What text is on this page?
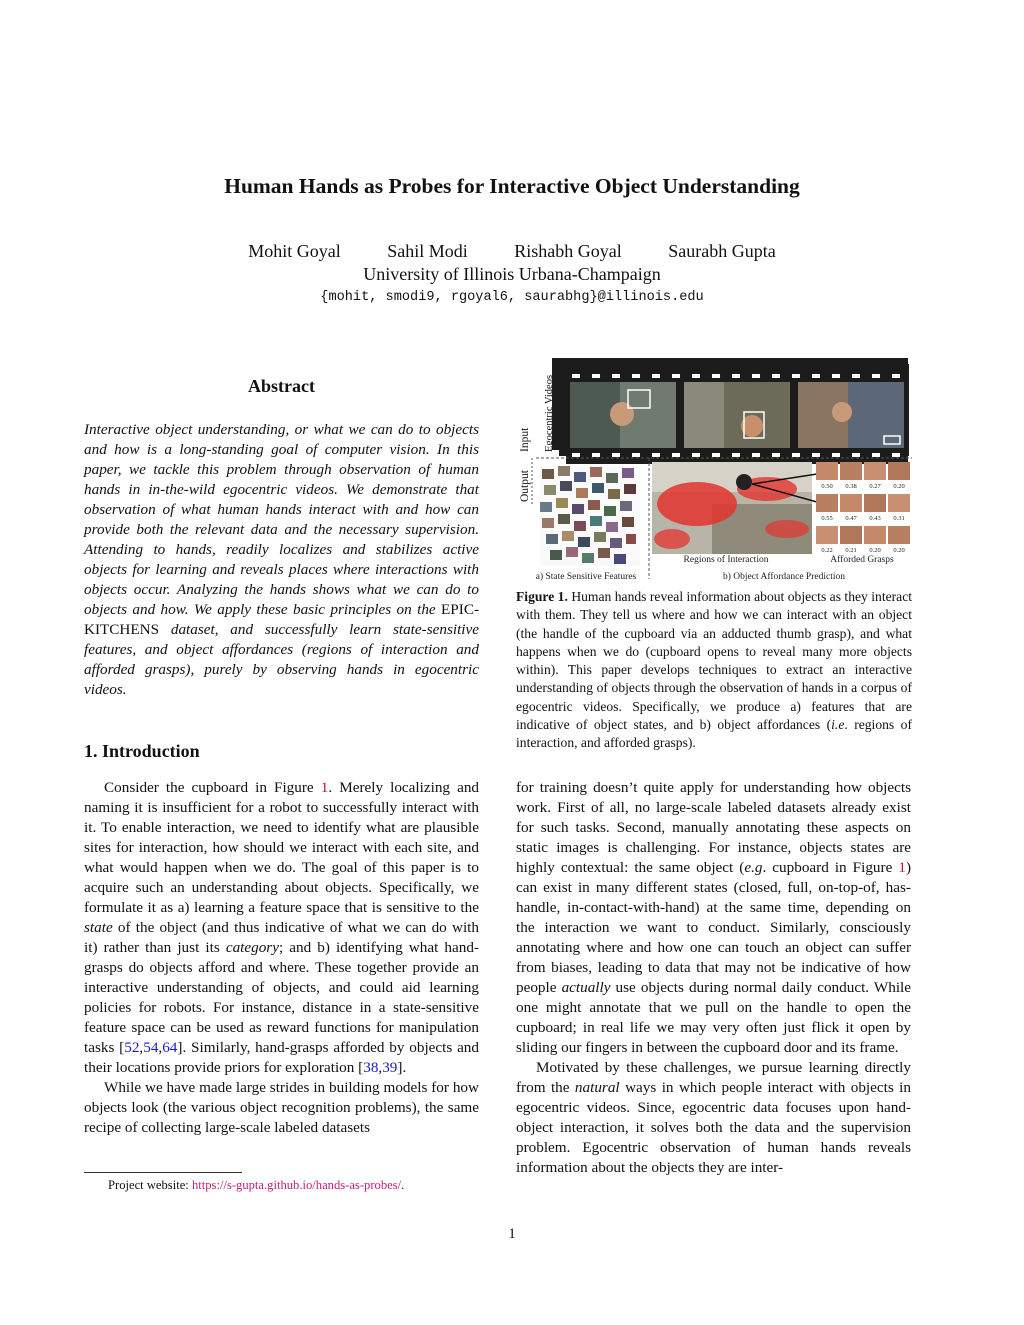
Human Hands as Probes for Interactive Object Understanding
Mohit Goyal	Sahil Modi	Rishabh Goyal	Saurabh Gupta
University of Illinois Urbana-Champaign
{mohit, smodi9, rgoyal6, saurabhg}@illinois.edu
Abstract

Interactive object understanding, or what we can do to objects and how is a long-standing goal of computer vision. In this paper, we tackle this problem through observation of human hands in in-the-wild egocentric videos. We demonstrate that observation of what human hands interact with and how can provide both the relevant data and the necessary supervision. Attending to hands, readily localizes and stabilizes active objects for learning and reveals places where interactions with objects occur. Analyzing the hands shows what we can do to objects and how. We apply these basic principles on the EPIC-KITCHENS dataset, and successfully learn state-sensitive features, and object affordances (regions of interaction and afforded grasps), purely by observing hands in egocentric videos.

1. Introduction

Consider the cupboard in Figure 1. Merely localizing and naming it is insufficient for a robot to successfully interact with it. To enable interaction, we need to identify what are plausible sites for interaction, how should we interact with each site, and what would happen when we do. The goal of this paper is to acquire such an understanding about objects. Specifically, we formulate it as a) learning a feature space that is sensitive to the state of the object (and thus indicative of what we can do with it) rather than just its category; and b) identifying what hand-grasps do objects afford and where. These together provide an interactive understanding of objects, and could aid learning policies for robots. For instance, distance in a state-sensitive feature space can be used as reward functions for manipulation tasks [52,54,64]. Similarly, hand-grasps afforded by objects and their locations provide priors for exploration [38,39].

While we have made large strides in building models for how objects look (the various object recognition problems), the same recipe of collecting large-scale labeled datasets

for training doesn’t quite apply for understanding how objects work. First of all, no large-scale labeled datasets already exist for such tasks. Second, manually annotating these aspects on static images is challenging. For instance, objects states are highly contextual: the same object (e.g. cupboard in Figure 1) can exist in many different states (closed, full, on-top-of, has-handle, in-contact-with-hand) at the same time, depending on the interaction we want to conduct. Similarly, consciously annotating where and how one can touch an object can suffer from biases, leading to data that may not be indicative of how people actually use objects during normal daily conduct. While one might annotate that we pull on the handle to open the cupboard; in real life we may very often just flick it open by sliding our fingers in between the cupboard door and its frame.

Motivated by these challenges, we pursue learning directly from the natural ways in which people interact with objects in egocentric videos. Since, egocentric data focuses upon hand-object interaction, it solves both the data and the supervision problem. Egocentric observation of human hands reveals information about the objects they are inter-

Project website: https://s-gupta.github.io/hands-as-probes/.
1
Egocentric Videos
Input
Output	0.50 0.38 0.27 0.20
0.55 0.47 0.43 0.31
0.22 0.21 0.20 0.20
Regions of Interaction	Afforded Grasps
a) State Sensitive Features	b) Object Affordance Prediction

Figure 1. Human hands reveal information about objects as they interact with them. They tell us where and how we can interact with an object (the handle of the cupboard via an adducted thumb grasp), and what happens when we do (cupboard opens to reveal many more objects within). This paper develops techniques to extract an interactive understanding of objects through the observation of hands in a corpus of egocentric videos. Specifically, we produce a) features that are indicative of object states, and b) object affordances (i.e. regions of interaction, and afforded grasps).
